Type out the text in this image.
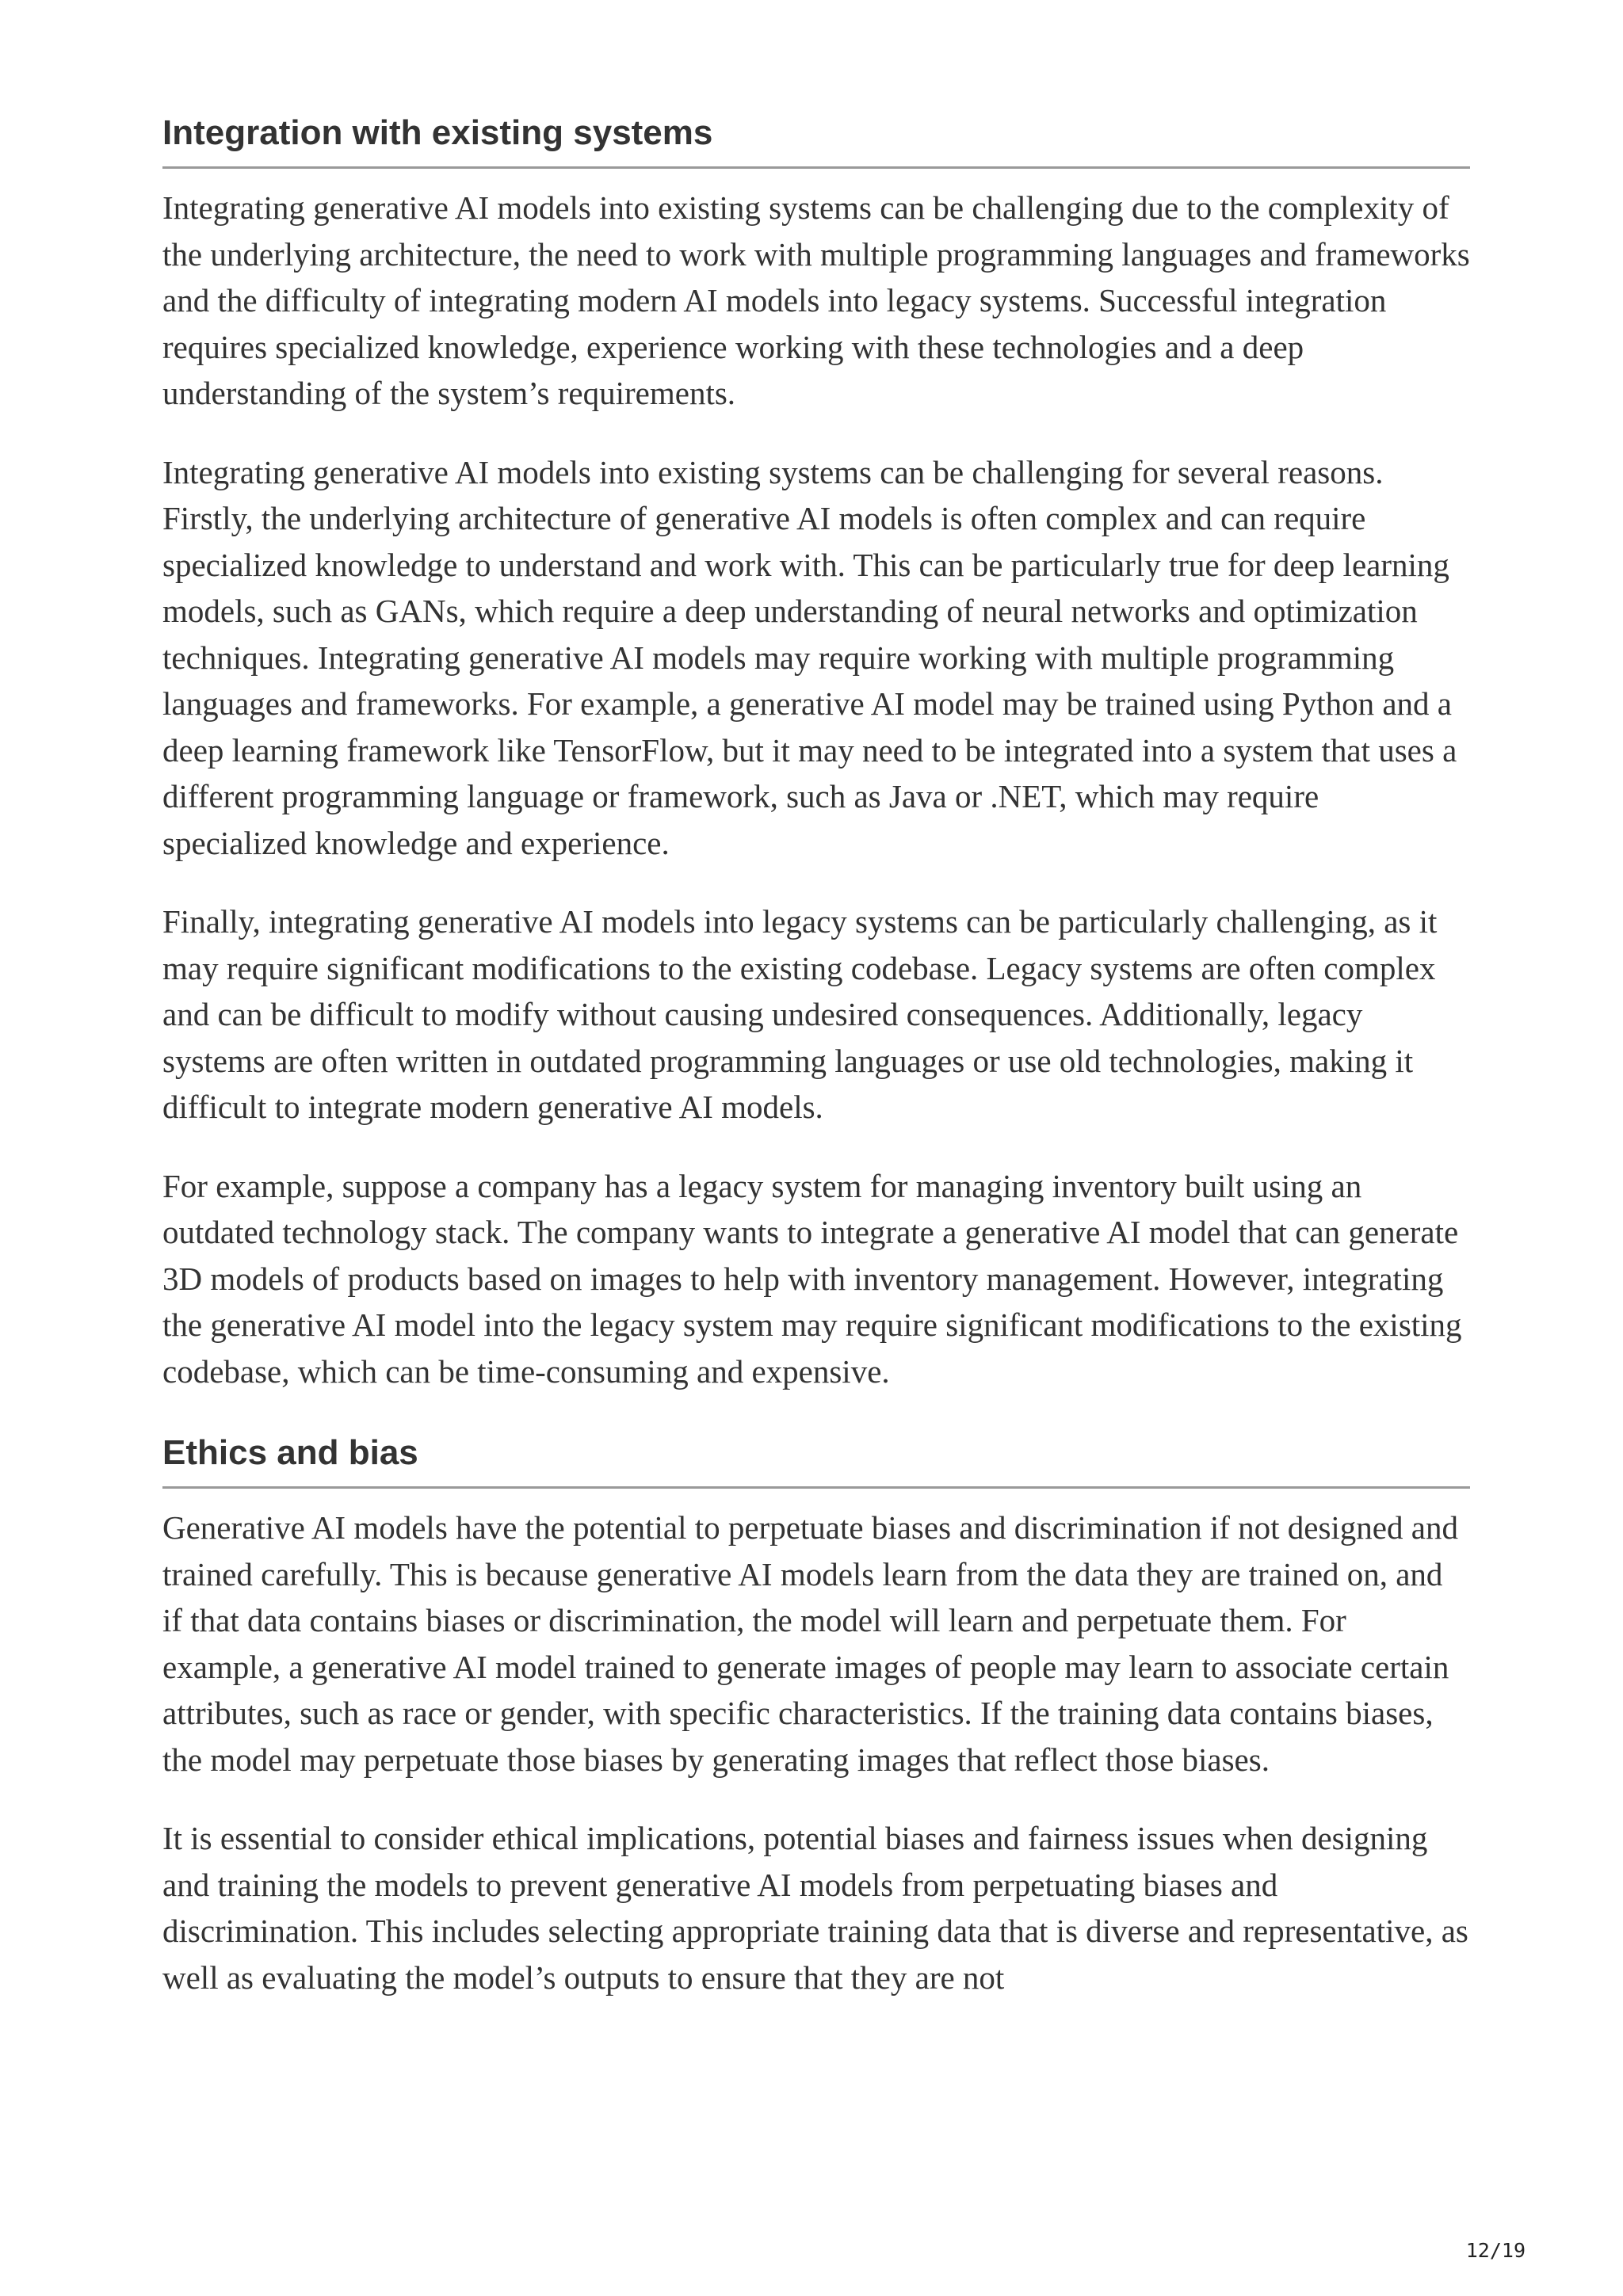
Integration with existing systems

Integrating generative AI models into existing systems can be challenging due to the complexity of the underlying architecture, the need to work with multiple programming languages and frameworks and the difficulty of integrating modern AI models into legacy systems. Successful integration requires specialized knowledge, experience working with these technologies and a deep understanding of the system’s requirements.

Integrating generative AI models into existing systems can be challenging for several reasons. Firstly, the underlying architecture of generative AI models is often complex and can require specialized knowledge to understand and work with. This can be particularly true for deep learning models, such as GANs, which require a deep understanding of neural networks and optimization techniques. Integrating generative AI models may require working with multiple programming languages and frameworks. For example, a generative AI model may be trained using Python and a deep learning framework like TensorFlow, but it may need to be integrated into a system that uses a different programming language or framework, such as Java or .NET, which may require specialized knowledge and experience.

Finally, integrating generative AI models into legacy systems can be particularly challenging, as it may require significant modifications to the existing codebase. Legacy systems are often complex and can be difficult to modify without causing undesired consequences. Additionally, legacy systems are often written in outdated programming languages or use old technologies, making it difficult to integrate modern generative AI models.

For example, suppose a company has a legacy system for managing inventory built using an outdated technology stack. The company wants to integrate a generative AI model that can generate 3D models of products based on images to help with inventory management. However, integrating the generative AI model into the legacy system may require significant modifications to the existing codebase, which can be time-consuming and expensive.

Ethics and bias

Generative AI models have the potential to perpetuate biases and discrimination if not designed and trained carefully. This is because generative AI models learn from the data they are trained on, and if that data contains biases or discrimination, the model will learn and perpetuate them. For example, a generative AI model trained to generate images of people may learn to associate certain attributes, such as race or gender, with specific characteristics. If the training data contains biases, the model may perpetuate those biases by generating images that reflect those biases.

It is essential to consider ethical implications, potential biases and fairness issues when designing and training the models to prevent generative AI models from perpetuating biases and discrimination. This includes selecting appropriate training data that is diverse and representative, as well as evaluating the model’s outputs to ensure that they are not

12/19
